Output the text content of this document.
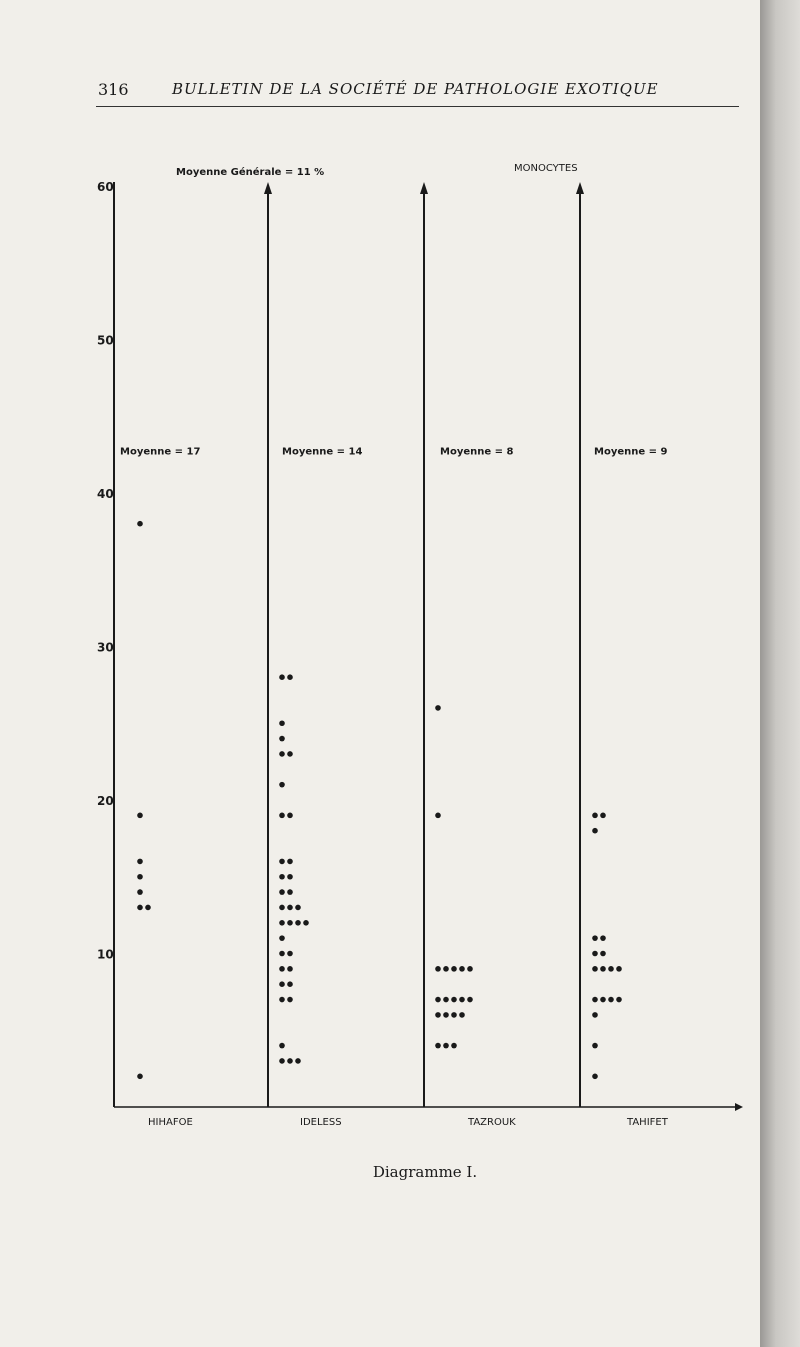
316	BULLETIN DE LA SOCIÉTÉ DE PATHOLOGIE EXOTIQUE
60
50
40
30
20
10
Moyenne Générale = 11 %	MONOCYTES
Moyenne = 17
HIHAFOE
Moyenne = 14
IDELESS
Moyenne = 8
TAZROUK
Moyenne = 9
TAHIFET
Diagramme I.
